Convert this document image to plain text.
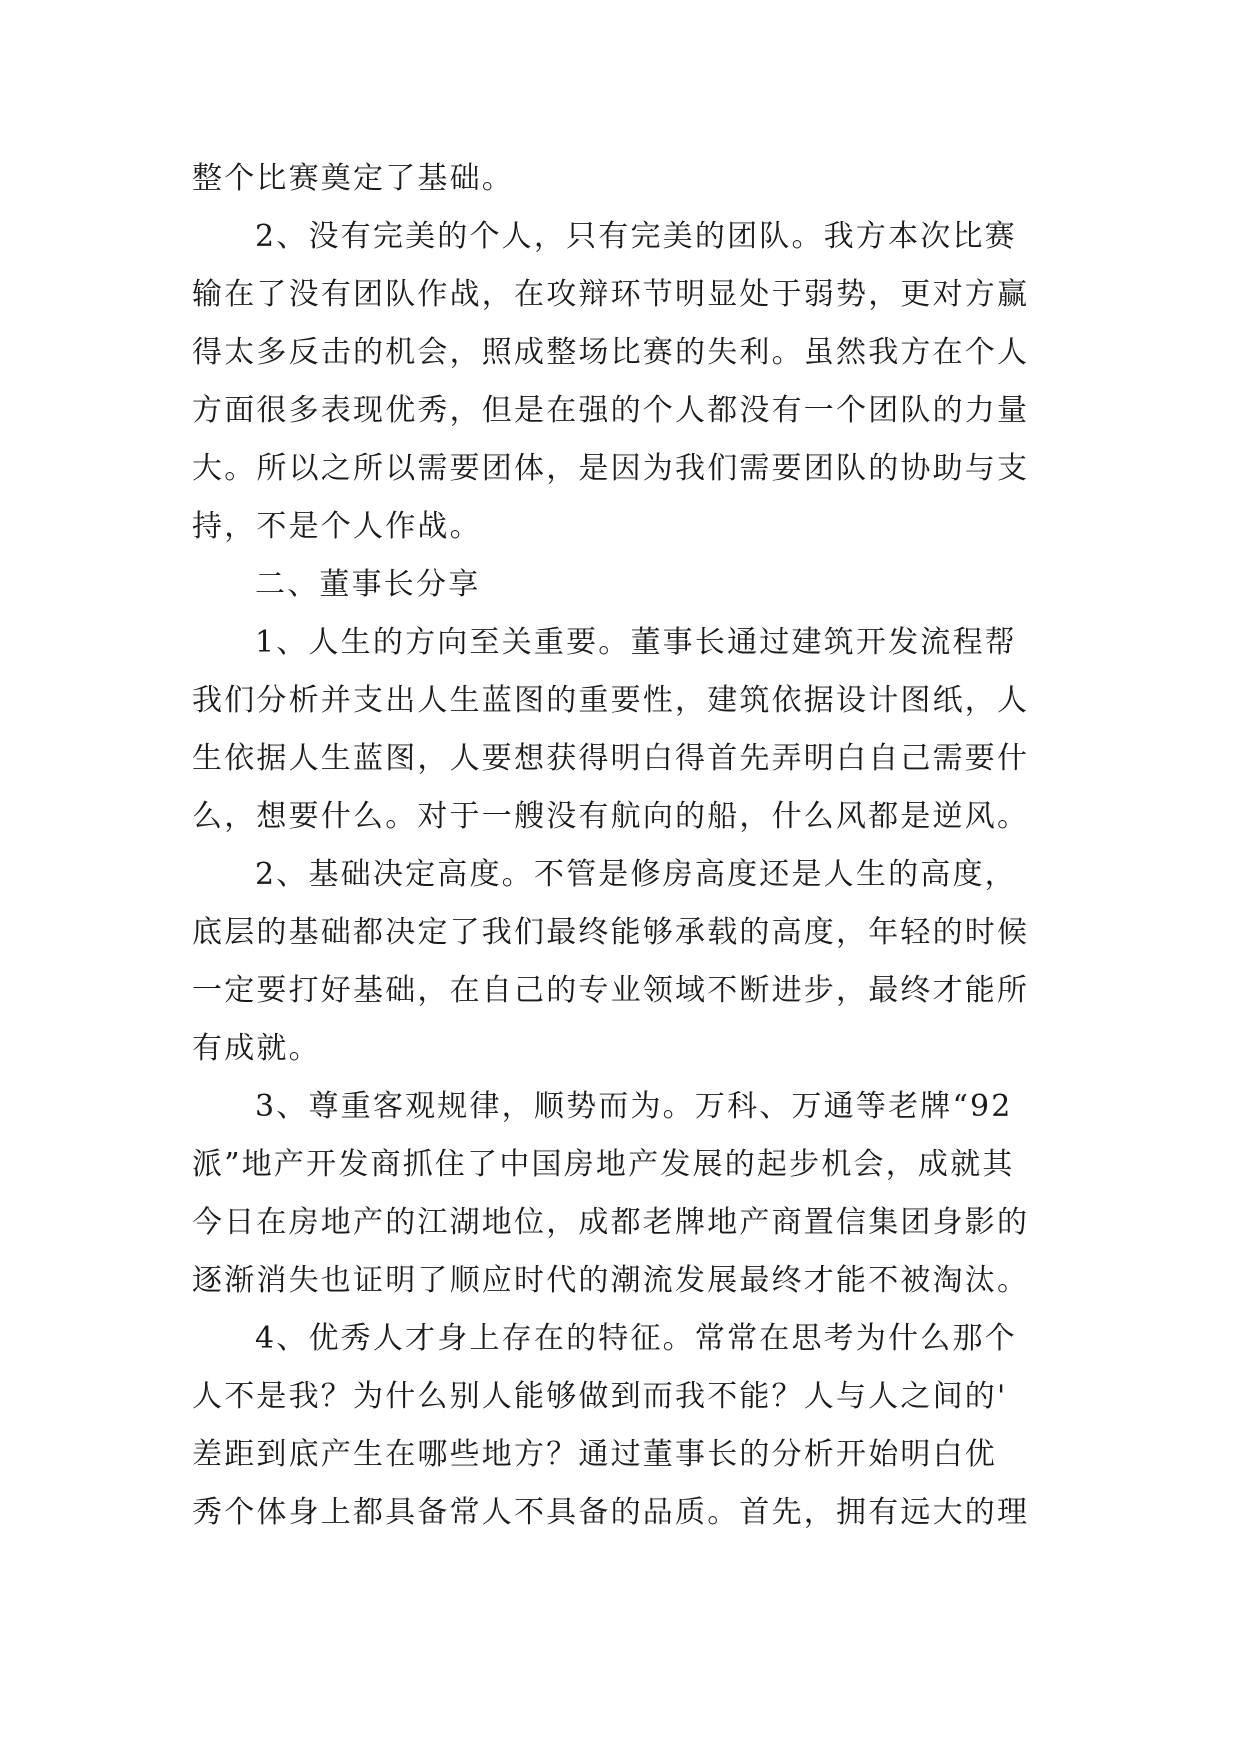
整个比赛奠定了基础。
2、没有完美的个人，只有完美的团队。我方本次比赛
输在了没有团队作战，在攻辩环节明显处于弱势，更对方赢
得太多反击的机会，照成整场比赛的失利。虽然我方在个人
方面很多表现优秀，但是在强的个人都没有一个团队的力量
大。所以之所以需要团体，是因为我们需要团队的协助与支
持，不是个人作战。
二、董事长分享
1、人生的方向至关重要。董事长通过建筑开发流程帮
我们分析并支出人生蓝图的重要性，建筑依据设计图纸，人
生依据人生蓝图，人要想获得明白得首先弄明白自己需要什
么，想要什么。对于一艘没有航向的船，什么风都是逆风。
2、基础决定高度。不管是修房高度还是人生的高度，
底层的基础都决定了我们最终能够承载的高度，年轻的时候
一定要打好基础，在自己的专业领域不断进步，最终才能所
有成就。
3、尊重客观规律，顺势而为。万科、万通等老牌“92
派”地产开发商抓住了中国房地产发展的起步机会，成就其
今日在房地产的江湖地位，成都老牌地产商置信集团身影的
逐渐消失也证明了顺应时代的潮流发展最终才能不被淘汰。
4、优秀人才身上存在的特征。常常在思考为什么那个
人不是我？为什么别人能够做到而我不能？人与人之间的'
差距到底产生在哪些地方？通过董事长的分析开始明白优
秀个体身上都具备常人不具备的品质。首先，拥有远大的理
